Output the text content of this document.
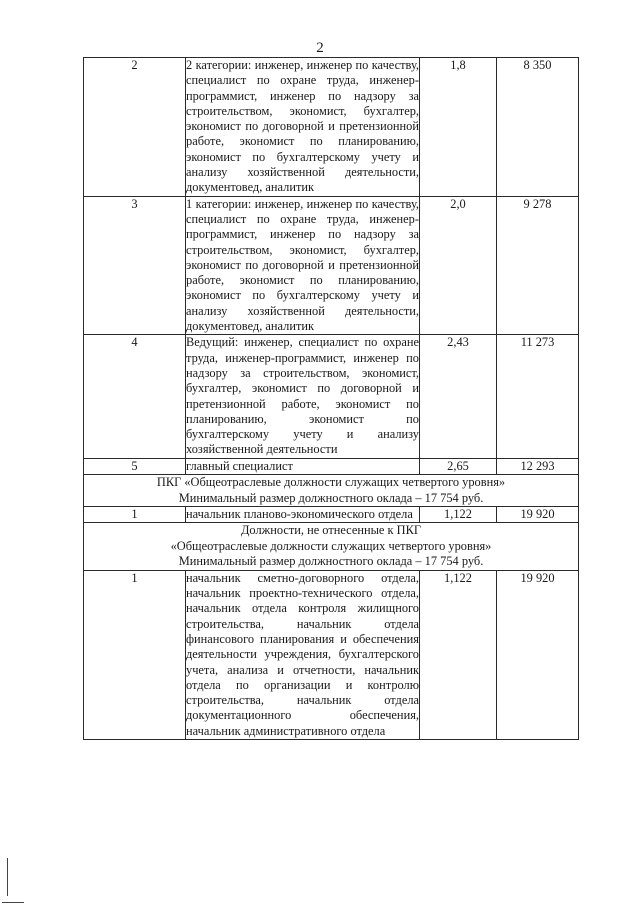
2
2	2 категории: инженер, инженер по качеству, специалист по охране труда, инженер-программист, инженер по надзору за строительством, экономист, бухгалтер, экономист по договорной и претензионной работе, экономист по планированию, экономист по бухгалтерскому учету и анализу хозяйственной деятельности, документовед, аналитик	1,8	8 350
3	1 категории: инженер, инженер по качеству, специалист по охране труда, инженер-программист, инженер по надзору за строительством, экономист, бухгалтер, экономист по договорной и претензионной работе, экономист по планированию, экономист по бухгалтерскому учету и анализу хозяйственной деятельности, документовед, аналитик	2,0	9 278
4	Ведущий: инженер, специалист по охране труда, инженер-программист, инженер по надзору за строительством, экономист, бухгалтер, экономист по договорной и претензионной работе, экономист по планированию, экономист по бухгалтерскому учету и анализу хозяйственной деятельности	2,43	11 273
5	главный специалист	2,65	12 293

ПКГ «Общеотраслевые должности служащих четвертого уровня»
Минимальный размер должностного оклада – 17 754 руб.			

1	начальник планово-экономического отдела	1,122	19 920

Должности, не отнесенные к ПКГ
«Общеотраслевые должности служащих четвертого уровня»
Минимальный размер должностного оклада – 17 754 руб.			

1	начальник сметно-договорного отдела, начальник проектно-технического отдела, начальник отдела контроля жилищного строительства, начальник отдела финансового планирования и обеспечения деятельности учреждения, бухгалтерского учета, анализа и отчетности, начальник отдела по организации и контролю строительства, начальник отдела документационного обеспечения, начальник административного отдела	1,122	19 920
